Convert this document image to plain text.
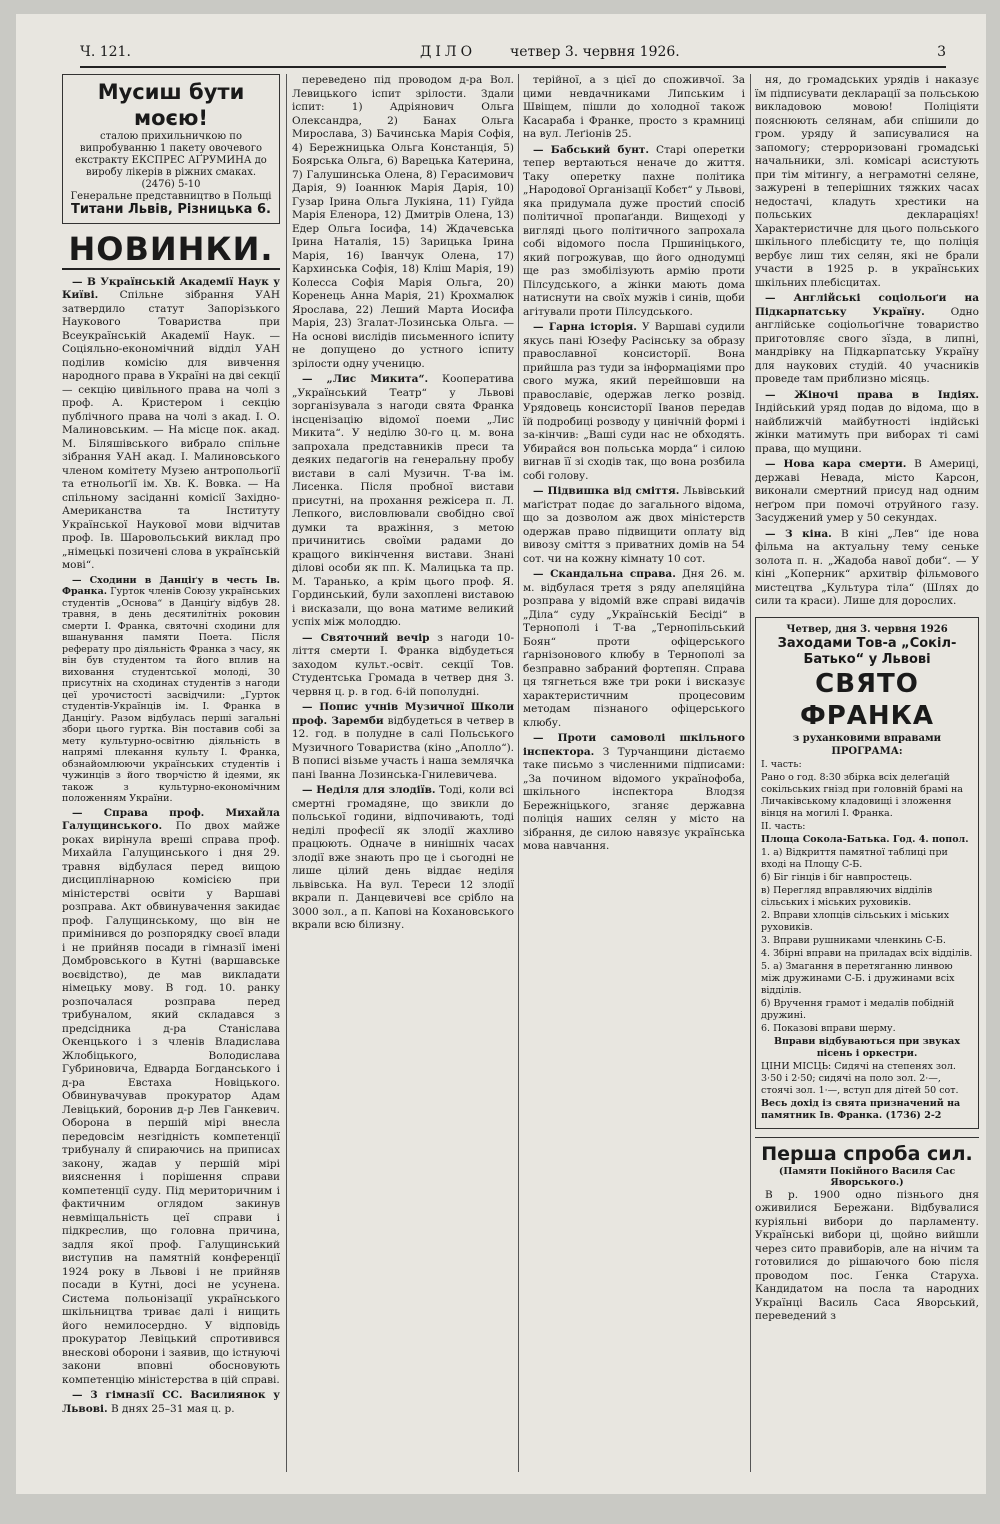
Ч. 121.	ДІЛО четвер 3. червня 1926.	3
Мусиш бути моєю!
сталою прихильничкою по випробуванню 1 пакету овочевого екстракту ЕКСПРЕС АҐРУМИНА до виробу лікерів в ріжних смаках. (2476) 5-10
Генеральне представництво в Польщі
Титани Львів, Різницька 6.
НОВИНКИ.

— В Українській Академії Наук у Київі. Спільне зібрання УАН затвердило статут Запорізького Наукового Товариства при Всеукраїнській Академії Наук. — Соціяльно-економічний відділ УАН поділив комісію для вивчення народного права в Україні на дві секції — секцію цивільного права на чолі з проф. А. Кристером і секцію публічного права на чолі з акад. І. О. Малиновським. — На місце пок. акад. М. Біляшівського вибрало спільне зібрання УАН акад. І. Малиновського членом комітету Музею антропольоґії та етнольоґії ім. Хв. К. Вовка. — На спільному засіданні комісії Західно-Американства та Інституту Української Наукової мови відчитав проф. Ів. Шаровольський виклад про „німецькі позичені слова в українській мові“.

— Сходини в Данціґу в честь Ів. Франка. Гурток членів Союзу українських студентів „Основа“ в Данціґу відбув 28. травня, в день десятилітніх роковин смерти І. Франка, святочні сходини для вшанування памяти Поета. Після реферату про діяльність Франка з часу, як він був студентом та його вплив на виховання студентської молоді, 30 присутніх на сходинах студентів з нагоди цеї урочистості засвідчили: „Гурток студентів-Українців ім. І. Франка в Данціґу. Разом відбулась перші загальні збори цього гуртка. Він поставив собі за мету культурно-освітню діяльність в напрямі плекання культу І. Франка, обзнайомлюючи українських студентів і чужинців з його творчістю й ідеями, як також з культурно-економічним положенням України.

— Справа проф. Михайла Галущинського. По двох майже роках вирінула вреші справа проф. Михайла Галущинського і дня 29. травня відбулася перед вищою дисциплінарною комісією при міністерстві освіти у Варшаві розправа. Акт обвинувачення закидає проф. Галущинському, що він не примінився до розпорядку своєї влади і не прийняв посади в гімназії імені Домбровського в Кутні (варшавське воєвідство), де мав викладати німецьку мову. В год. 10. ранку розпочалася розправа перед трибуналом, який складався з предсідника д-ра Станіслава Окенцького і з членів Владислава Жлобіцького, Володислава Губриновича, Едварда Богданського і д-ра Евстаха Новіцького. Обвинувачував прокуратор Адам Левіцький, боронив д-р Лев Ганкевич. Оборона в першій мірі внесла передовсім незгідність компетенції трибуналу й спираючись на приписах закону, жадав у першій мірі вияснення і порішення справи компетенції суду. Під мериторичним і фактичним оглядом закинув невміщальність цеї справи і підкреслив, що головна причина, задля якої проф. Галущинський виступив на памятній конференції 1924 року в Львові і не прийняв посади в Кутні, досі не усунена. Система польонізації українського шкільництва триває далі і нищить його немилосердно. У відповідь прокуратор Левіцький спротивився внескові оборони і заявив, що істнуючі закони вповні обосновують компетенцію міністерства в цій справі.

— 3 гімназії СС. Василиянок у Львові. В днях 25–31 мая ц. р.

переведено під проводом д-ра Вол. Левицького іспит зрілости. Здали іспит: 1) Адріянович Ольга Олександра, 2) Банах Ольга Мирослава, 3) Бачинська Марія Софія, 4) Бережницька Ольга Констанція, 5) Боярська Ольга, 6) Варецька Катерина, 7) Галушинська Олена, 8) Герасимович Дарія, 9) Іоаннюк Марія Дарія, 10) Гузар Ірина Ольга Лукіянa, 11) Гуйда Марія Еленора, 12) Дмитрів Олена, 13) Едер Ольга Іосифа, 14) Ждачевська Ірина Наталія, 15) Зарицька Ірина Марія, 16) Іванчук Олена, 17) Кархинська Софія, 18) Кліш Марія, 19) Колесса Софія Марія Ольга, 20) Коренець Анна Марія, 21) Крохмалюк Ярослава, 22) Леший Марта Иосифа Марія, 23) Згалат-Лозинська Ольга. — На основі вислідів письменного іспиту не допущено до устного іспиту зрілости одну ученицю.

— „Лис Микита“. Кооператива „Український Театр“ у Львові зорганізувала з нагоди свята Франка інсценізацію відомої поеми „Лис Микита“. У неділю 30-го ц. м. вона запрохала представників преси та деяких педагогів на генеральну пробу вистави в салі Музичн. Т-ва ім. Лисенка. Після пробної вистави присутні, на прохання режісера п. Л. Лепкого, висловлювали свобідно свої думки та вражіння, з метою причинитись своїми радами до кращого викінчення вистави. Знані ділові особи як пп. К. Малицька та пр. М. Таранько, а крім цього проф. Я. Гординський, були захоплені виставою і висказали, що вона матиме великий успіх між молоддю.

— Святочний вечір з нагоди 10-ліття смерти І. Франка відбудеться заходом культ.-освіт. секції Тов. Студентська Громада в четвер дня 3. червня ц. р. в год. 6-ій пополудні.

— Попис учнів Музичної Школи проф. Заремби відбудеться в четвер в 12. год. в полудне в салі Польського Музичного Товариства (кіно „Аполло“). В пописі візьме участь і наша землячка пані Іванна Лозинська-Гнилевичева.

— Неділя для злодіїв. Тоді, коли всі смертні громадяне, що звикли до польської години, відпочивають, тоді неділі професії як злодії жахливо працюють. Одначе в нинішніх часах злодії вже знають про це і сьогодні не лише цілий день віддає неділя львівська. На вул. Тереси 12 злодії вкрали п. Данцевичеві все срібло на 3000 зол., а п. Капові на Кохановського вкрали всю білизну.

терійної, а з цієї до споживчої. За цими невдачниками Липським і Швіщем, пішли до холодної також Касараба і Франке, просто з крамниці на вул. Леґіонів 25.

— Бабський бунт. Старі оперетки тепер вертаються неначе до життя. Таку оперетку пахне політика „Народової Організації Кобєт“ у Львові, яка придумала дуже простий спосіб політичної пропаґанди. Вищеході у вигляді цього політичного запрохала собі відомого посла Пршиніцького, який погрожував, що його однодумці ще раз змобілізують армію проти Пілсудського, а жінки мають дома натиснути на своїх мужів і синів, щоби агітували проти Пілсудського.

— Гарна історія. У Варшаві судили якусь пані Юзефу Расінську за образу православної консисторії. Вона прийшла раз туди за інформаціями про свого мужа, який перейшовши на православіє, одержав легко розвід. Урядовець консисторії Іванов передав їй подробиці розводу у цинічній формі і за-кінчив: „Ваші суди нас не обходять. Убирайся вон польська морда“ і силою вигнав її зі сходів так, що вона розбила собі голову.

— Підвишка від сміття. Львівський маґістрат подає до загального відома, що за дозволом аж двох міністерств одержав право підвищити оплату від вивозу сміття з приватних домів на 54 сот. чи на кожну кімнату 10 сот.

— Скандальна справа. Дня 26. м. м. відбулася третя з ряду апеляційна розправа у відомій вже справі видачів „Діла“ суду „Українській Бесіді“ в Тернополі і Т-ва „Тернопільський Боян“ проти офіцерського ґарнізонового клюбу в Тернополі за безправно забраний фортепян. Справа ця тягнеться вже три роки і висказує характеристичним процесовим методам пізнаного офіцерського клюбу.

— Проти самоволі шкільного інспектора. З Турчанщини дістаємо таке письмо з численними підписами: „За почином відомого українофоба, шкільного інспектора Влодзя Бережніцького, зганяє державна поліція наших селян у місто на зібрання, де силою навязує українська мова навчання.

ня, до громадських урядів і наказує їм підписувати декларації за польською викладовою мовою! Поліціяти пояснюють селянам, аби спішили до гром. уряду й записувалися на запомогу; стерроризовані громадські начальники, злі. комісарі асистують при тім мітингу, а неграмотні селяне, зажурені в теперішних тяжких часах недостачі, кладуть хрестики на польських деклараціях! Характеристичне для цього польського шкільного плебісциту те, що поліція вербує лиш тих селян, які не брали участи в 1925 р. в українських шкільних плебісцитах.

— Англійські соціольоґи на Підкарпатську Україну. Одно англійське соціольоґічне товариство приготовляє свого зїзда, в липні, мандрівку на Підкарпатську Україну для наукових студій. 40 учасників проведе там приблизно місяць.

— Жіночі права в Індіях. Індійський уряд подав до відома, що в найближчій майбутності індійські жінки матимуть при виборах ті самі права, що мущини.

— Нова кара смерти. В Америці, державі Невада, місто Карсон, виконали смертний присуд над одним неґром при помочі отруйного газу. Засуджений умер у 50 секундах.

— З кіна. В кіні „Лев“ іде нова фільма на актуальну тему сеньке золота п. н. „Жадоба навої доби“. — У кіні „Коперник“ архитвір фільмового мистецтва „Культура тіла“ (Шлях до сили та краси). Лише для дорослих.

Четвер, дня 3. червня 1926
Заходами Тов-а „Сокіл-Батько“ у Львові
СВЯТО ФРАНКА
з руханковими вправами
ПРОГРАМА:
I. часть:
Рано о год. 8:30 збірка всіх делеґацій сокільських гнізд при головній брамі на Личаківському кладовищі і зложення вінця на могилі І. Франка.
II. часть:
Площа Сокола-Батька. Год. 4. попол.
1. а) Відкриття памятної таблиці при вході на Площу С-Б.
б) Біг гінців і біг навпростець.
в) Перегляд вправляючих відділів сільських і міських руховиків.
2. Вправи хлопців сільських і міських руховиків.
3. Вправи рушниками членкинь С-Б.
4. Збірні вправи на приладах всіх відділів.
5. а) Змагання в перетяганню линвою між дружинами С-Б. і дружинами всіх відділів.
б) Вручення грамот і медалів побідній дружині.
6. Показові вправи шерму.
Вправи відбуваються при звуках пісень і оркестри.
ЦІНИ МІСЦЬ: Сидячі на степенях зол. 3·50 і 2·50; сидячі на поло зол. 2·—, стоячі зол. 1·—, вступ для дітей 50 сот.
Весь дохід із свята призначений на памятник Ів. Франка. (1736) 2-2
Перша спроба сил.
(Памяти Покійного Василя Сас Яворського.)

В р. 1900 одно пізнього дня оживилися Бережани. Відбувалися куріяльні вибори до парламенту. Українські вибори ці, щойно вийшли через сито правиборів, але на нічим та готовилися до рішаючого бою після проводом пос. Ґенкa Старуха. Кандидатом на посла та народних Українці Василь Саса Яворський, переведений з
